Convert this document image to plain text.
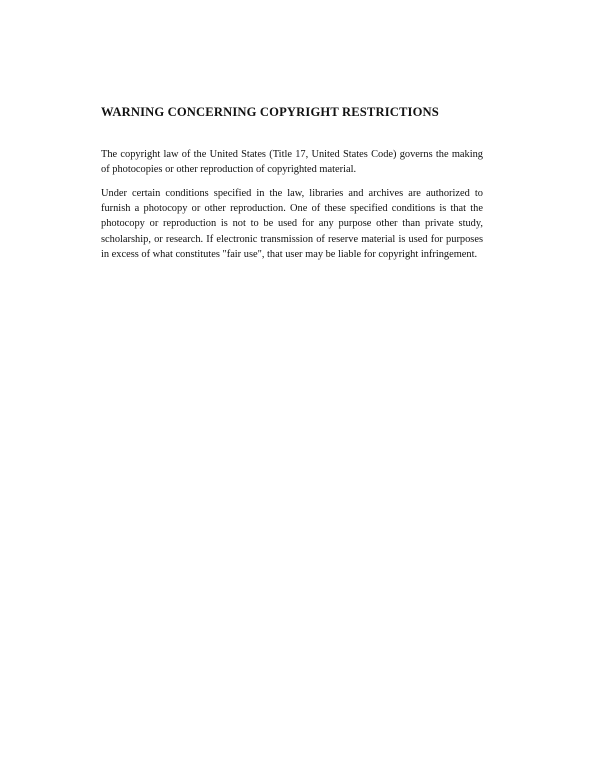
WARNING CONCERNING COPYRIGHT RESTRICTIONS

The copyright law of the United States (Title 17, United States Code) governs the making of photocopies or other reproduction of copyrighted material.

Under certain conditions specified in the law, libraries and archives are authorized to furnish a photocopy or other reproduction. One of these specified conditions is that the photocopy or reproduction is not to be used for any purpose other than private study, scholarship, or research. If electronic transmission of reserve material is used for purposes in excess of what constitutes "fair use", that user may be liable for copyright infringement.
